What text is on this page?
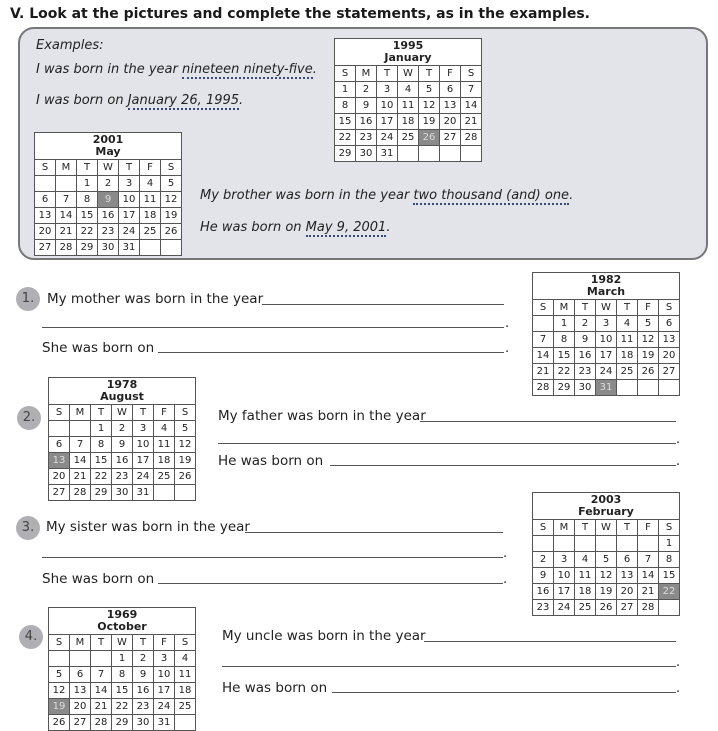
V. Look at the pictures and complete the statements, as in the examples.
Examples:
I was born in the year nineteen ninety-five.
I was born on January 26, 1995.
My brother was born in the year two thousand (and) one.
He was born on May 9, 2001.
1995
January						

S	M	T	W	T	F	S
1	2	3	4	5	6	7
8	9	10	11	12	13	14
15	16	17	18	19	20	21
22	23	24	25	26	27	28
29	30	31				
2001
May						

S	M	T	W	T	F	S
		1	2	3	4	5
6	7	8	9	10	11	12
13	14	15	16	17	18	19
20	21	22	23	24	25	26
27	28	29	30	31		
1982
March						

S	M	T	W	T	F	S
	1	2	3	4	5	6
7	8	9	10	11	12	13
14	15	16	17	18	19	20
21	22	23	24	25	26	27
28	29	30	31			
1978
August						

S	M	T	W	T	F	S
		1	2	3	4	5
6	7	8	9	10	11	12
13	14	15	16	17	18	19
20	21	22	23	24	25	26
27	28	29	30	31		
2003
February						

S	M	T	W	T	F	S
						1
2	3	4	5	6	7	8
9	10	11	12	13	14	15
16	17	18	19	20	21	22
23	24	25	26	27	28	
1969
October						

S	M	T	W	T	F	S
			1	2	3	4
5	6	7	8	9	10	11
12	13	14	15	16	17	18
19	20	21	22	23	24	25
26	27	28	29	30	31	
1. My mother was born in the year
.
She was born on	.
2.	My father was born in the year
.
He was born on	.
3. My sister was born in the year
.
She was born on	.
4.	My uncle was born in the year
.
He was born on	.
